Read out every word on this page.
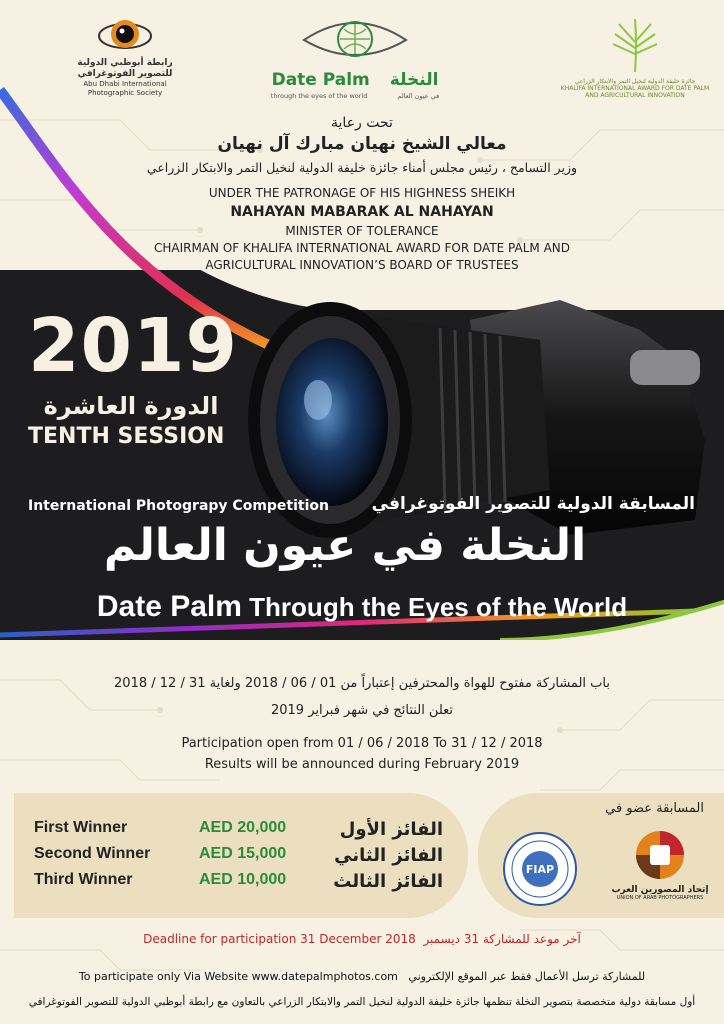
رابطة أبوظبي الدولية للتصوير الفوتوغرافي
Abu Dhabi International Photographic Society
Date Palm النخلة
through the eyes of the world	في عيون العالم
جائزة خليفة الدولية لنخيل التمر والابتكار الزراعي
KHALIFA INTERNATIONAL AWARD FOR DATE PALM AND AGRICULTURAL INNOVATION
تحت رعاية
معالي الشيخ نهيان مبارك آل نهيان
وزير التسامح ، رئيس مجلس أمناء جائزة خليفة الدولية لنخيل التمر والابتكار الزراعي
UNDER THE PATRONAGE OF HIS HIGHNESS SHEIKH
NAHAYAN MABARAK AL NAHAYAN
MINISTER OF TOLERANCE
CHAIRMAN OF KHALIFA INTERNATIONAL AWARD FOR DATE PALM AND
AGRICULTURAL INNOVATION’S BOARD OF TRUSTEES
2019
الدورة العاشرة
TENTH SESSION
International Photograpy Competition	المسابقة الدولية للتصوير الفوتوغرافي
النخلة في عيون العالم
Date Palm Through the Eyes of the World
باب المشاركة مفتوح للهواة والمحترفين إعتباراً من 01 / 06 / 2018 ولغاية 31 / 12 / 2018
تعلن النتائج في شهر فبراير 2019
Participation open from 01 / 06 / 2018 To 31 / 12 / 2018
Results will be announced during February 2019
First Winner	AED 20,000	الفائز الأول
Second Winner	AED 15,000	الفائز الثاني
Third Winner	AED 10,000	الفائز الثالث
المسابقة عضو في
FIAP
إتحاد المصورين العرب
UNION OF ARAB PHOTOGRAPHERS
Deadline for participation 31 December 2018 آخر موعد للمشاركة 31 ديسمبر
To participate only Via Website www.datepalmphotos.com للمشاركة ترسل الأعمال فقط عبر الموقع الإلكتروني
أول مسابقة دولية متخصصة بتصوير النخلة تنظمها جائزة خليفة الدولية لنخيل التمر والابتكار الزراعي بالتعاون مع رابطة أبوظبي الدولية للتصوير الفوتوغرافي
